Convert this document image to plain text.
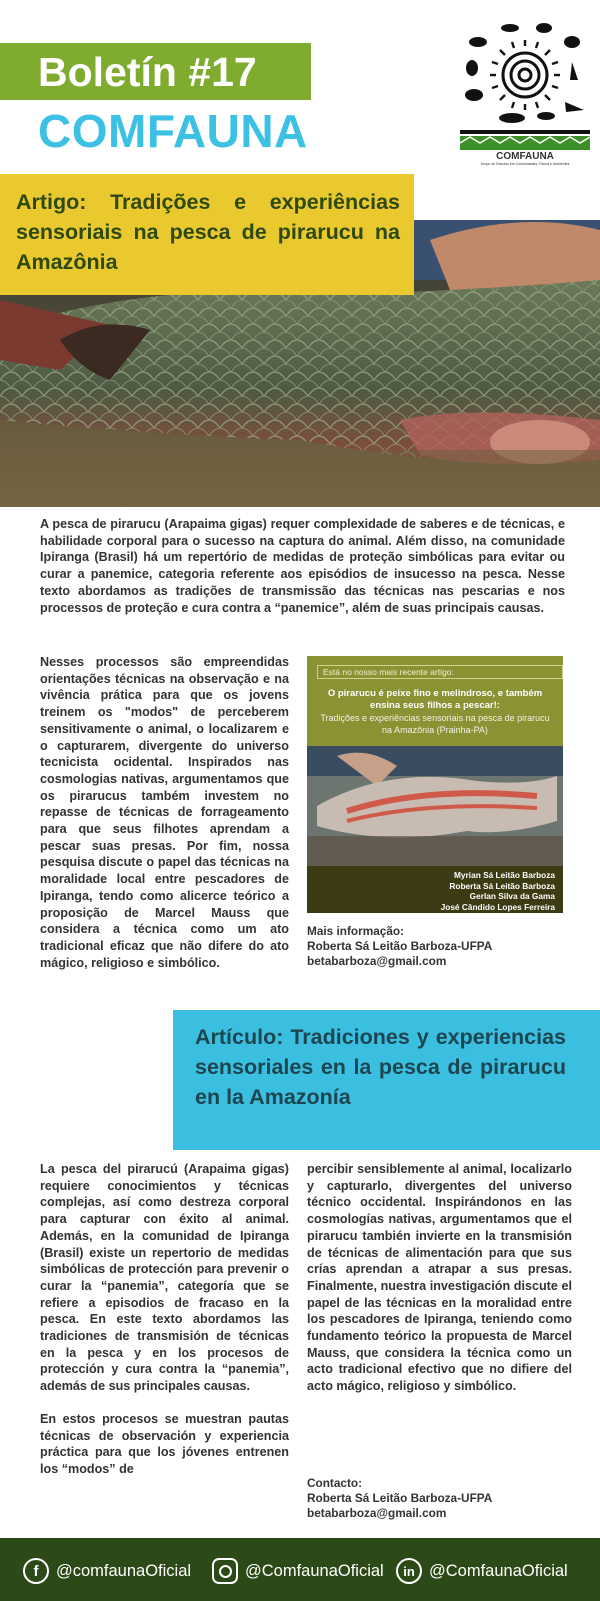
Boletín #17
COMFAUNA	COMFAUNA
Grupo de Estudos em Comunidades, Fauna e Ambientes
Artigo: Tradições e experiências sensoriais na pesca de pirarucu na Amazônia

A pesca de pirarucu (Arapaima gigas) requer complexidade de saberes e de técnicas, e habilidade corporal para o sucesso na captura do animal. Além disso, na comunidade Ipiranga (Brasil) há um repertório de medidas de proteção simbólicas para evitar ou curar a panemice, categoria referente aos episódios de insucesso na pesca. Nesse texto abordamos as tradições de transmissão das técnicas nas pescarias e nos processos de proteção e cura contra a “panemice”, além de suas principais causas.

Nesses processos são empreendidas orientações técnicas na observação e na vivência prática para que os jovens treinem os "modos" de perceberem sensitivamente o animal, o localizarem e o capturarem, divergente do universo tecnicista ocidental. Inspirados nas cosmologias nativas, argumentamos que os pirarucus também investem no repasse de técnicas de forrageamento para que seus filhotes aprendam a pescar suas presas. Por fim, nossa pesquisa discute o papel das técnicas na moralidade local entre pescadores de Ipiranga, tendo como alicerce teórico a proposição de Marcel Mauss que considera a técnica como um ato tradicional eficaz que não difere do ato mágico, religioso e simbólico.

Está no nosso mais recente artigo:
O pirarucu é peixe fino e melindroso, e também ensina seus filhos a pescar!:
Tradições e experiências sensoriais na pesca de pirarucu na Amazônia (Prainha-PA)
Myrian Sá Leitão Barboza
Roberta Sá Leitão Barboza
Gerlan Silva da Gama
José Cândido Lopes Ferreira
Mais informação:
Roberta Sá Leitão Barboza-UFPA
betabarboza@gmail.com
Artículo: Tradiciones y experiencias sensoriales en la pesca de pirarucu en la Amazonía

La pesca del pirarucú (Arapaima gigas) requiere conocimientos y técnicas complejas, así como destreza corporal para capturar con éxito al animal. Además, en la comunidad de Ipiranga (Brasil) existe un repertorio de medidas simbólicas de protección para prevenir o curar la “panemia”, categoría que se refiere a episodios de fracaso en la pesca. En este texto abordamos las tradiciones de transmisión de técnicas en la pesca y en los procesos de protección y cura contra la “panemia”, además de sus principales causas.

En estos procesos se muestran pautas técnicas de observación y experiencia práctica para que los jóvenes entrenen los “modos” de

percibir sensiblemente al animal, localizarlo y capturarlo, divergentes del universo técnico occidental. Inspirándonos en las cosmologías nativas, argumentamos que el pirarucu también invierte en la transmisión de técnicas de alimentación para que sus crías aprendan a atrapar a sus presas. Finalmente, nuestra investigación discute el papel de las técnicas en la moralidad entre los pescadores de Ipiranga, teniendo como fundamento teórico la propuesta de Marcel Mauss, que considera la técnica como un acto tradicional efectivo que no difiere del acto mágico, religioso y simbólico.

Contacto:
Roberta Sá Leitão Barboza-UFPA
betabarboza@gmail.com
f	@comfaunaOficial	@ComfaunaOficial	in @ComfaunaOficial
